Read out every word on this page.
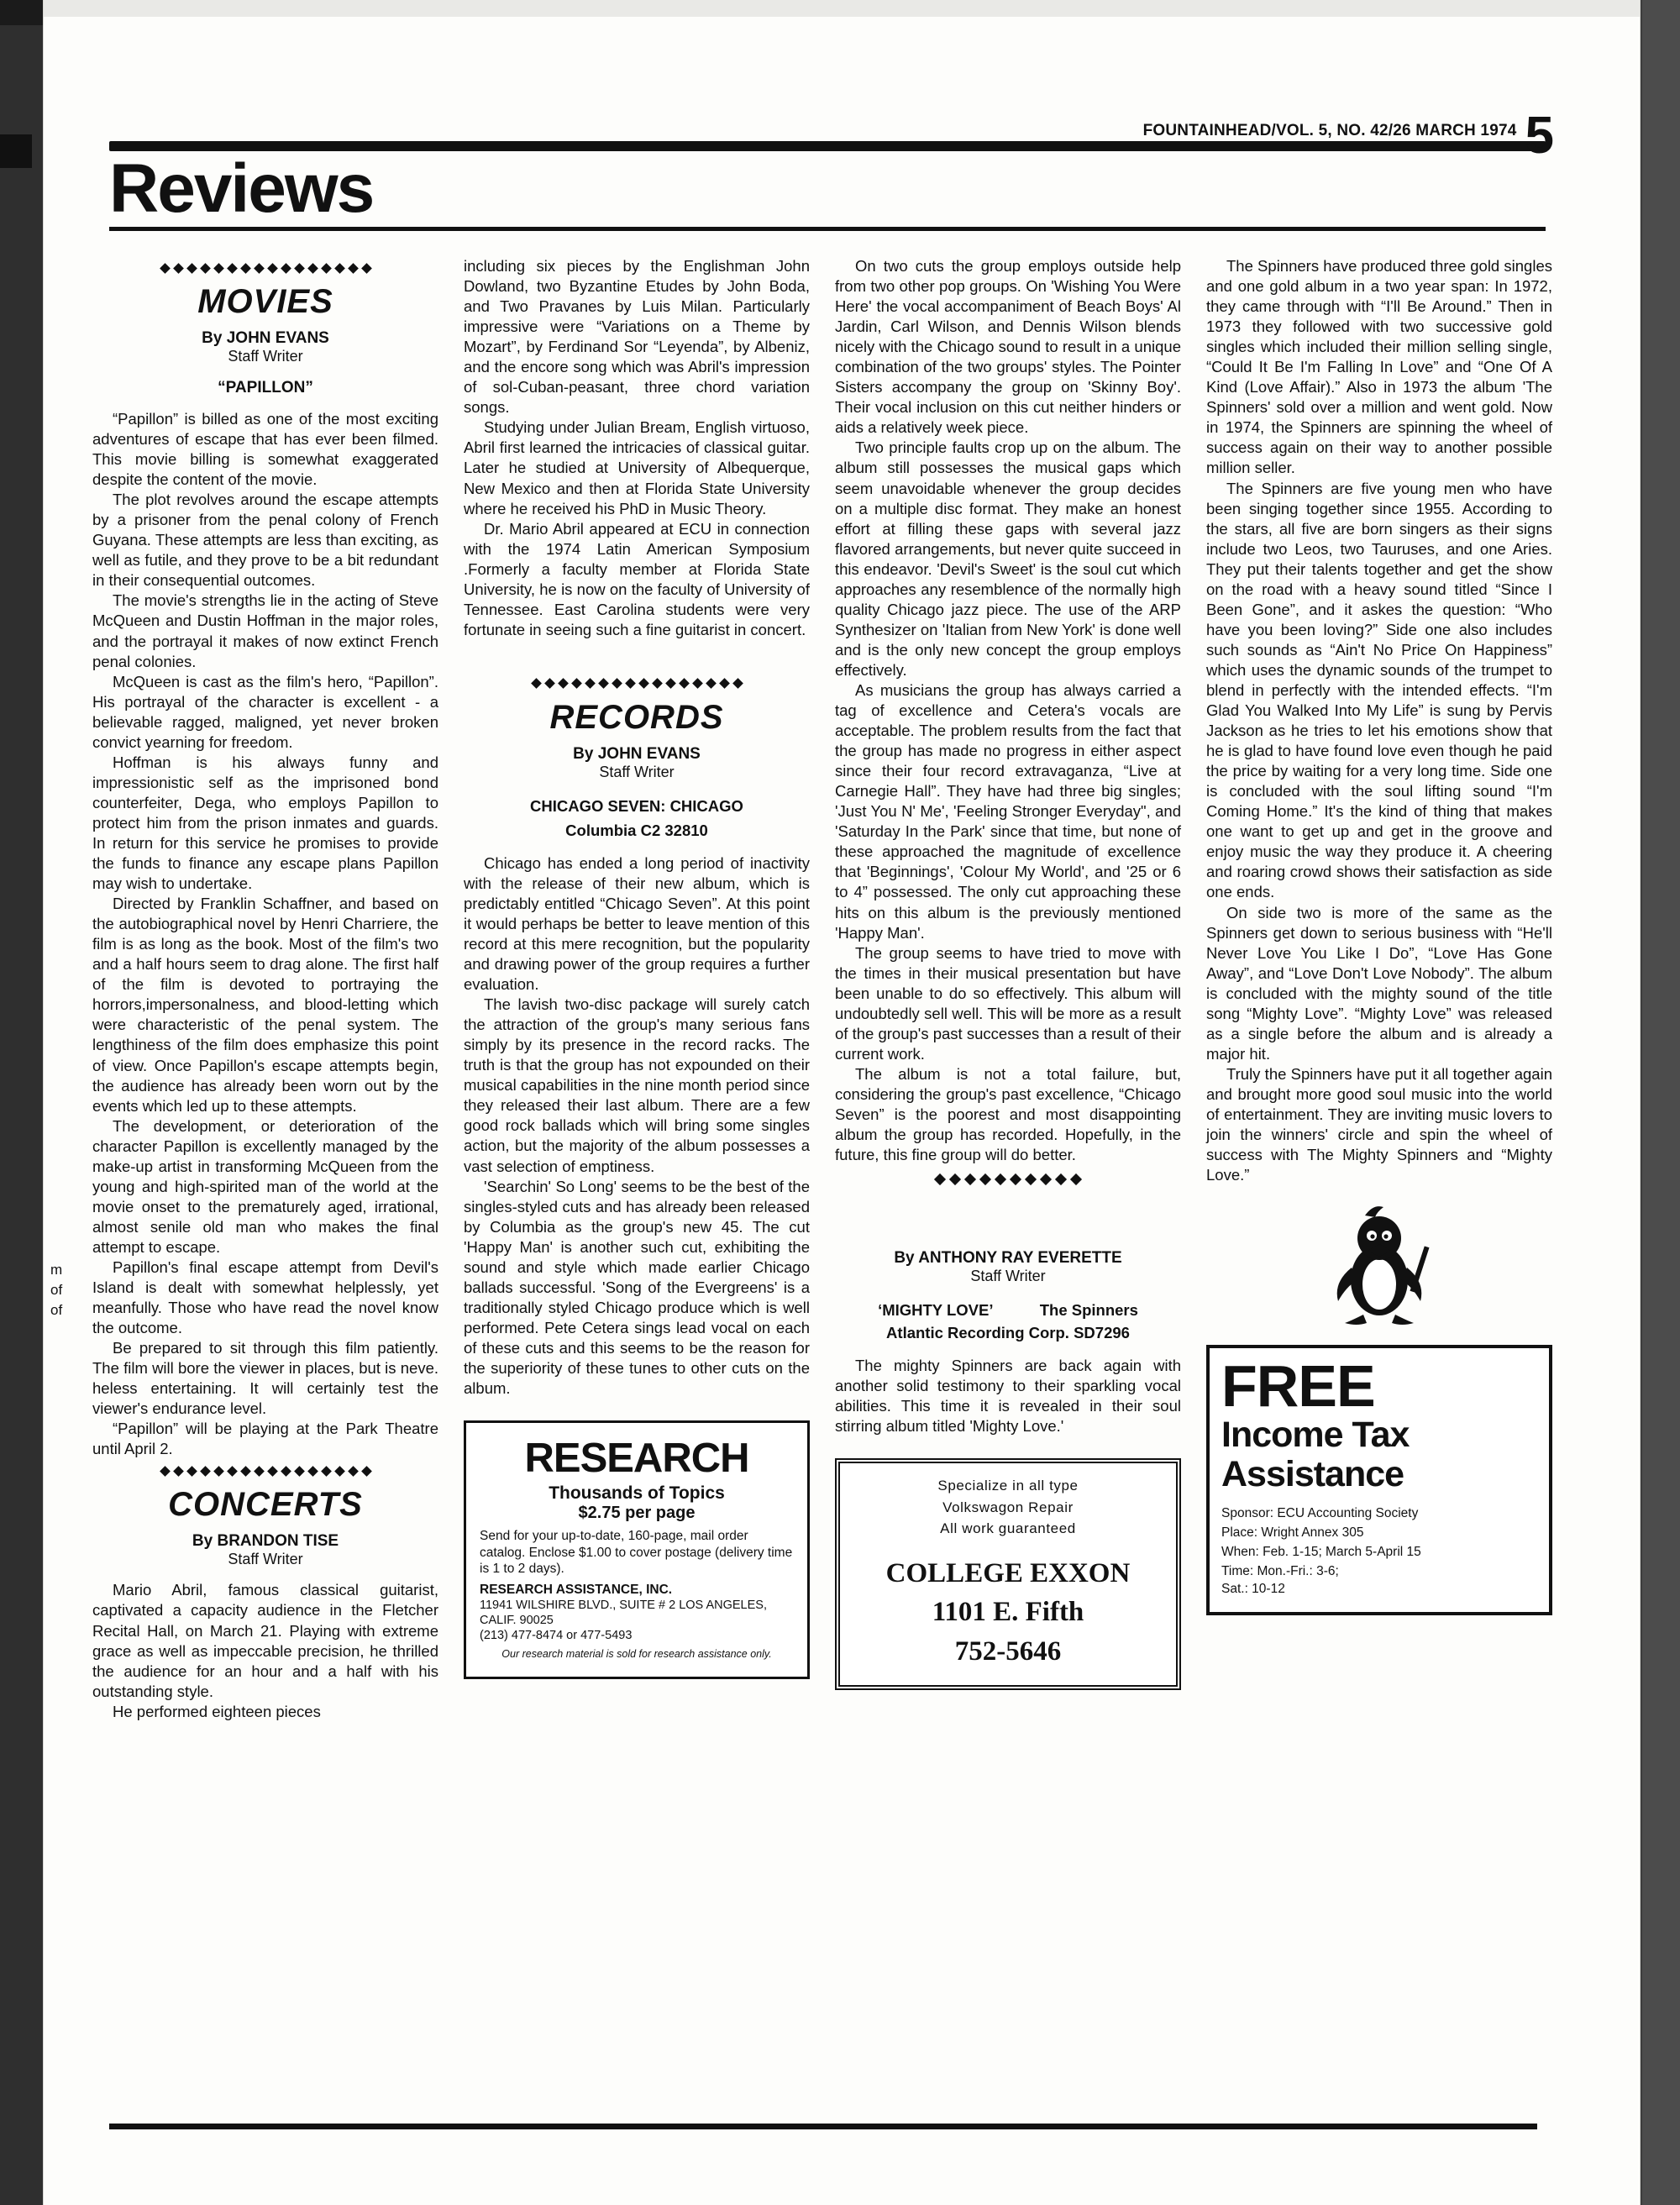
m
of
of
FOUNTAINHEAD/VOL. 5, NO. 42/26 MARCH 1974 5
Reviews
MOVIES
By JOHN EVANS
Staff Writer
“PAPILLON”

“Papillon” is billed as one of the most exciting adventures of escape that has ever been filmed. This movie billing is somewhat exaggerated despite the content of the movie.

The plot revolves around the escape attempts by a prisoner from the penal colony of French Guyana. These attempts are less than exciting, as well as futile, and they prove to be a bit redundant in their consequential outcomes.

The movie's strengths lie in the acting of Steve McQueen and Dustin Hoffman in the major roles, and the portrayal it makes of now extinct French penal colonies.

McQueen is cast as the film's hero, “Papillon”. His portrayal of the character is excellent - a believable ragged, maligned, yet never broken convict yearning for freedom.

Hoffman is his always funny and impressionistic self as the imprisoned bond counterfeiter, Dega, who employs Papillon to protect him from the prison inmates and guards. In return for this service he promises to provide the funds to finance any escape plans Papillon may wish to undertake.

Directed by Franklin Schaffner, and based on the autobiographical novel by Henri Charriere, the film is as long as the book. Most of the film's two and a half hours seem to drag alone. The first half of the film is devoted to portraying the horrors,impersonalness, and blood-letting which were characteristic of the penal system. The lengthiness of the film does emphasize this point of view. Once Papillon's escape attempts begin, the audience has already been worn out by the events which led up to these attempts.

The development, or deterioration of the character Papillon is excellently managed by the make-up artist in transforming McQueen from the young and high-spirited man of the world at the movie onset to the prematurely aged, irrational, almost senile old man who makes the final attempt to escape.

Papillon's final escape attempt from Devil's Island is dealt with somewhat helplessly, yet meanfully. Those who have read the novel know the outcome.

Be prepared to sit through this film patiently. The film will bore the viewer in places, but is neve. heless entertaining. It will certainly test the viewer's endurance level.

“Papillon” will be playing at the Park Theatre until April 2.

CONCERTS
By BRANDON TISE
Staff Writer

Mario Abril, famous classical guitarist, captivated a capacity audience in the Fletcher Recital Hall, on March 21. Playing with extreme grace as well as impeccable precision, he thrilled the audience for an hour and a half with his outstanding style.

He performed eighteen pieces

including six pieces by the Englishman John Dowland, two Byzantine Etudes by John Boda, and Two Pravanes by Luis Milan. Particularly impressive were “Variations on a Theme by Mozart”, by Ferdinand Sor “Leyenda”, by Albeniz, and the encore song which was Abril's impression of sol-Cuban-peasant, three chord variation songs.

Studying under Julian Bream, English virtuoso, Abril first learned the intricacies of classical guitar. Later he studied at University of Albequerque, New Mexico and then at Florida State University where he received his PhD in Music Theory.

Dr. Mario Abril appeared at ECU in connection with the 1974 Latin American Symposium .Formerly a faculty member at Florida State University, he is now on the faculty of University of Tennessee. East Carolina students were very fortunate in seeing such a fine guitarist in concert.

RECORDS
By JOHN EVANS
Staff Writer
CHICAGO SEVEN: CHICAGO
Columbia C2 32810

Chicago has ended a long period of inactivity with the release of their new album, which is predictably entitled “Chicago Seven”. At this point it would perhaps be better to leave mention of this record at this mere recognition, but the popularity and drawing power of the group requires a further evaluation.

The lavish two-disc package will surely catch the attraction of the group's many serious fans simply by its presence in the record racks. The truth is that the group has not expounded on their musical capabilities in the nine month period since they released their last album. There are a few good rock ballads which will bring some singles action, but the majority of the album possesses a vast selection of emptiness.

'Searchin' So Long' seems to be the best of the singles-styled cuts and has already been released by Columbia as the group's new 45. The cut 'Happy Man' is another such cut, exhibiting the sound and style which made earlier Chicago ballads successful. 'Song of the Evergreens' is a traditionally styled Chicago produce which is well performed. Pete Cetera sings lead vocal on each of these cuts and this seems to be the reason for the superiority of these tunes to other cuts on the album.

RESEARCH
Thousands of Topics
$2.75 per page
Send for your up-to-date, 160-page, mail order catalog. Enclose $1.00 to cover postage (delivery time is 1 to 2 days).
RESEARCH ASSISTANCE, INC.
11941 WILSHIRE BLVD., SUITE # 2 LOS ANGELES, CALIF. 90025
(213) 477-8474 or 477-5493
Our research material is sold for research assistance only.

On two cuts the group employs outside help from two other pop groups. On 'Wishing You Were Here' the vocal accompaniment of Beach Boys' Al Jardin, Carl Wilson, and Dennis Wilson blends nicely with the Chicago sound to result in a unique combination of the two groups' styles. The Pointer Sisters accompany the group on 'Skinny Boy'. Their vocal inclusion on this cut neither hinders or aids a relatively week piece.

Two principle faults crop up on the album. The album still possesses the musical gaps which seem unavoidable whenever the group decides on a multiple disc format. They make an honest effort at filling these gaps with several jazz flavored arrangements, but never quite succeed in this endeavor. 'Devil's Sweet' is the soul cut which approaches any resemblence of the normally high quality Chicago jazz piece. The use of the ARP Synthesizer on 'Italian from New York' is done well and is the only new concept the group employs effectively.

As musicians the group has always carried a tag of excellence and Cetera's vocals are acceptable. The problem results from the fact that the group has made no progress in either aspect since their four record extravaganza, “Live at Carnegie Hall”. They have had three big singles; 'Just You N' Me', 'Feeling Stronger Everyday", and 'Saturday In the Park' since that time, but none of these approached the magnitude of excellence that 'Beginnings', 'Colour My World', and '25 or 6 to 4” possessed. The only cut approaching these hits on this album is the previously mentioned 'Happy Man'.

The group seems to have tried to move with the times in their musical presentation but have been unable to do so effectively. This album will undoubtedly sell well. This will be more as a result of the group's past successes than a result of their current work.

The album is not a total failure, but, considering the group's past excellence, “Chicago Seven” is the poorest and most disappointing album the group has recorded. Hopefully, in the future, this fine group will do better.

By ANTHONY RAY EVERETTE
Staff Writer
‘MIGHTY LOVE’	The Spinners
Atlantic Recording Corp. SD7296

The mighty Spinners are back again with another solid testimony to their sparkling vocal abilities. This time it is revealed in their soul stirring album titled 'Mighty Love.'

Specialize in all type
Volkswagon Repair
All work guaranteed
COLLEGE EXXON
1101 E. Fifth
752-5646

The Spinners have produced three gold singles and one gold album in a two year span: In 1972, they came through with “I'll Be Around.” Then in 1973 they followed with two successive gold singles which included their million selling single, “Could It Be I'm Falling In Love” and “One Of A Kind (Love Affair).” Also in 1973 the album 'The Spinners' sold over a million and went gold. Now in 1974, the Spinners are spinning the wheel of success again on their way to another possible million seller.

The Spinners are five young men who have been singing together since 1955. According to the stars, all five are born singers as their signs include two Leos, two Tauruses, and one Aries. They put their talents together and get the show on the road with a heavy sound titled “Since I Been Gone”, and it askes the question: “Who have you been loving?” Side one also includes such sounds as “Ain't No Price On Happiness” which uses the dynamic sounds of the trumpet to blend in perfectly with the intended effects. “I'm Glad You Walked Into My Life” is sung by Pervis Jackson as he tries to let his emotions show that he is glad to have found love even though he paid the price by waiting for a very long time. Side one is concluded with the soul lifting sound “I'm Coming Home.” It's the kind of thing that makes one want to get up and get in the groove and enjoy music the way they produce it. A cheering and roaring crowd shows their satisfaction as side one ends.

On side two is more of the same as the Spinners get down to serious business with “He'll Never Love You Like I Do”, “Love Has Gone Away”, and “Love Don't Love Nobody”. The album is concluded with the mighty sound of the title song “Mighty Love”. “Mighty Love” was released as a single before the album and is already a major hit.

Truly the Spinners have put it all together again and brought more good soul music into the world of entertainment. They are inviting music lovers to join the winners' circle and spin the wheel of success with The Mighty Spinners and “Mighty Love.”

FREE
Income Tax
Assistance
Sponsor: ECU Accounting Society
Place: Wright Annex 305
When: Feb. 1-15; March 5-April 15
Time: Mon.-Fri.: 3-6;
Sat.: 10-12
